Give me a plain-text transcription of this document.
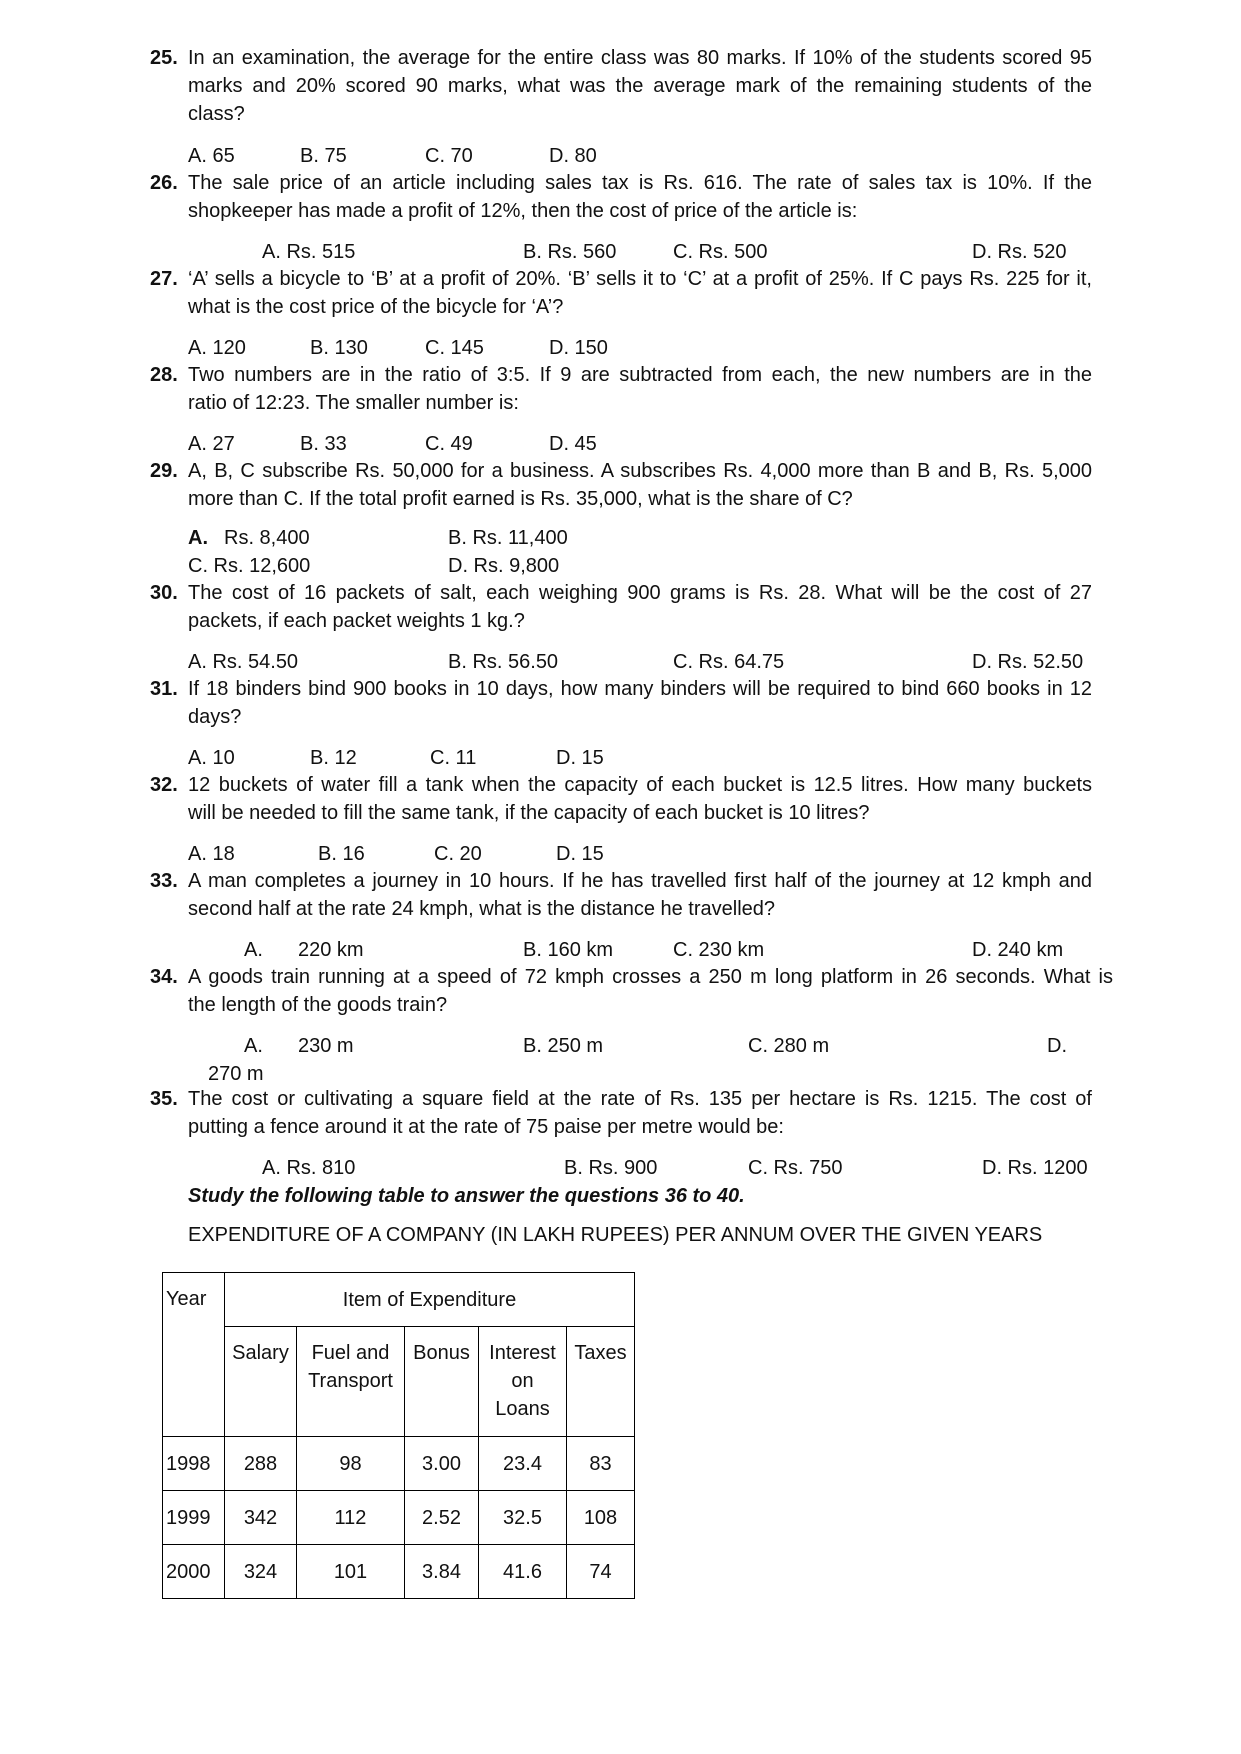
25. In an examination, the average for the entire class was 80 marks. If 10% of the students scored 95
marks and 20% scored 90 marks, what was the average mark of the remaining students of the
class?
A. 65	B. 75	C. 70	D. 80
26. The sale price of an article including sales tax is Rs. 616. The rate of sales tax is 10%. If the
shopkeeper has made a profit of 12%, then the cost of price of the article is:
A. Rs. 515	B. Rs. 560	C. Rs. 500	D. Rs. 520
27. ‘A’ sells a bicycle to ‘B’ at a profit of 20%. ‘B’ sells it to ‘C’ at a profit of 25%. If C pays Rs. 225 for it,
what is the cost price of the bicycle for ‘A’?
A. 120	B. 130	C. 145	D. 150
28. Two numbers are in the ratio of 3:5. If 9 are subtracted from each, the new numbers are in the
ratio of 12:23. The smaller number is:
A. 27	B. 33	C. 49	D. 45
29. A, B, C subscribe Rs. 50,000 for a business. A subscribes Rs. 4,000 more than B and B, Rs. 5,000
more than C. If the total profit earned is Rs. 35,000, what is the share of C?
A. Rs. 8,400	B. Rs. 11,400
C. Rs. 12,600	D. Rs. 9,800
30. The cost of 16 packets of salt, each weighing 900 grams is Rs. 28. What will be the cost of 27
packets, if each packet weights 1 kg.?
A. Rs. 54.50	B. Rs. 56.50	C. Rs. 64.75	D. Rs. 52.50
31. If 18 binders bind 900 books in 10 days, how many binders will be required to bind 660 books in 12
days?
A. 10	B. 12	C. 11	D. 15
32. 12 buckets of water fill a tank when the capacity of each bucket is 12.5 litres. How many buckets
will be needed to fill the same tank, if the capacity of each bucket is 10 litres?
A. 18	B. 16	C. 20	D. 15
33. A man completes a journey in 10 hours. If he has travelled first half of the journey at 12 kmph and
second half at the rate 24 kmph, what is the distance he travelled?
A. 220 km	B. 160 km	C. 230 km	D. 240 km
34. A goods train running at a speed of 72 kmph crosses a 250 m long platform in 26 seconds. What is
the length of the goods train?
A. 230 m	B. 250 m	C. 280 m	D.
270 m
35. The cost or cultivating a square field at the rate of Rs. 135 per hectare is Rs. 1215. The cost of
putting a fence around it at the rate of 75 paise per metre would be:
A. Rs. 810	B. Rs. 900	C. Rs. 750	D. Rs. 1200
Study the following table to answer the questions 36 to 40.
EXPENDITURE OF A COMPANY (IN LAKH RUPEES) PER ANNUM OVER THE GIVEN YEARS
Year	Item of Expenditure				
	Salary	Fuel and Transport	Bonus	Interest on Loans	Taxes
1998	288	98	3.00	23.4	83
1999	342	112	2.52	32.5	108
2000	324	101	3.84	41.6	74
